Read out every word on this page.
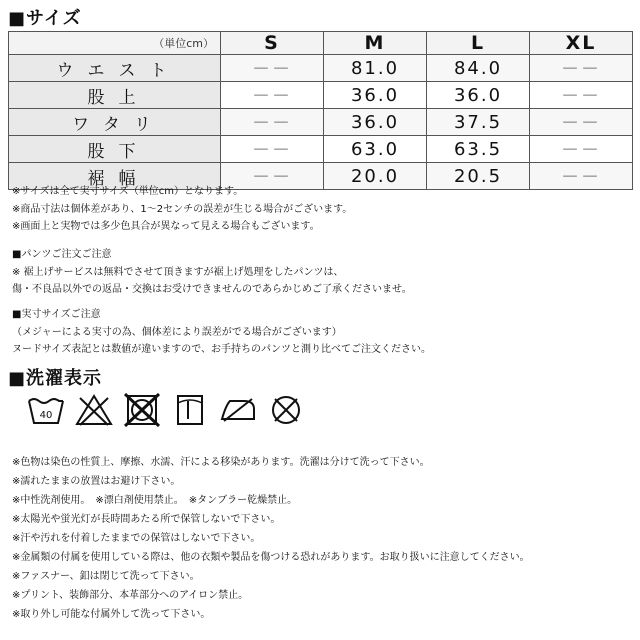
■サイズ
（単位cm）	S	M	L	XL
ウエスト	－－	81.0	84.0	－－
股上	－－	36.0	36.0	－－
ワタリ	－－	36.0	37.5	－－
股下	－－	63.0	63.5	－－
裾幅	－－	20.0	20.5	－－
※サイズは全て実寸サイズ（単位cm）となります。
※商品寸法は個体差があり、1～2センチの誤差が生じる場合がございます。
※画面上と実物では多少色具合が異なって見える場合もございます。
■パンツご注文ご注意
※ 裾上げサービスは無料でさせて頂きますが裾上げ処理をしたパンツは、
傷・不良品以外での返品・交換はお受けできませんのであらかじめご了承くださいませ。
■実寸サイズご注意
（メジャーによる実寸の為、個体差により誤差がでる場合がございます）
ヌードサイズ表記とは数値が違いますので、お手持ちのパンツと測り比べてご注文ください。
■洗濯表示
40
※色物は染色の性質上、摩擦、水濡、汗による移染があります。洗濯は分けて洗って下さい。
※濡れたままの放置はお避け下さい。
※中性洗剤使用。　※漂白剤使用禁止。　※タンブラー乾燥禁止。
※太陽光や蛍光灯が長時間あたる所で保管しないで下さい。
※汗や汚れを付着したままでの保管はしないで下さい。
※金属類の付属を使用している際は、他の衣類や製品を傷つける恐れがあります。お取り扱いに注意してください。
※ファスナー、釦は閉じて洗って下さい。
※プリント、装飾部分、本革部分へのアイロン禁止。
※取り外し可能な付属外して洗って下さい。
